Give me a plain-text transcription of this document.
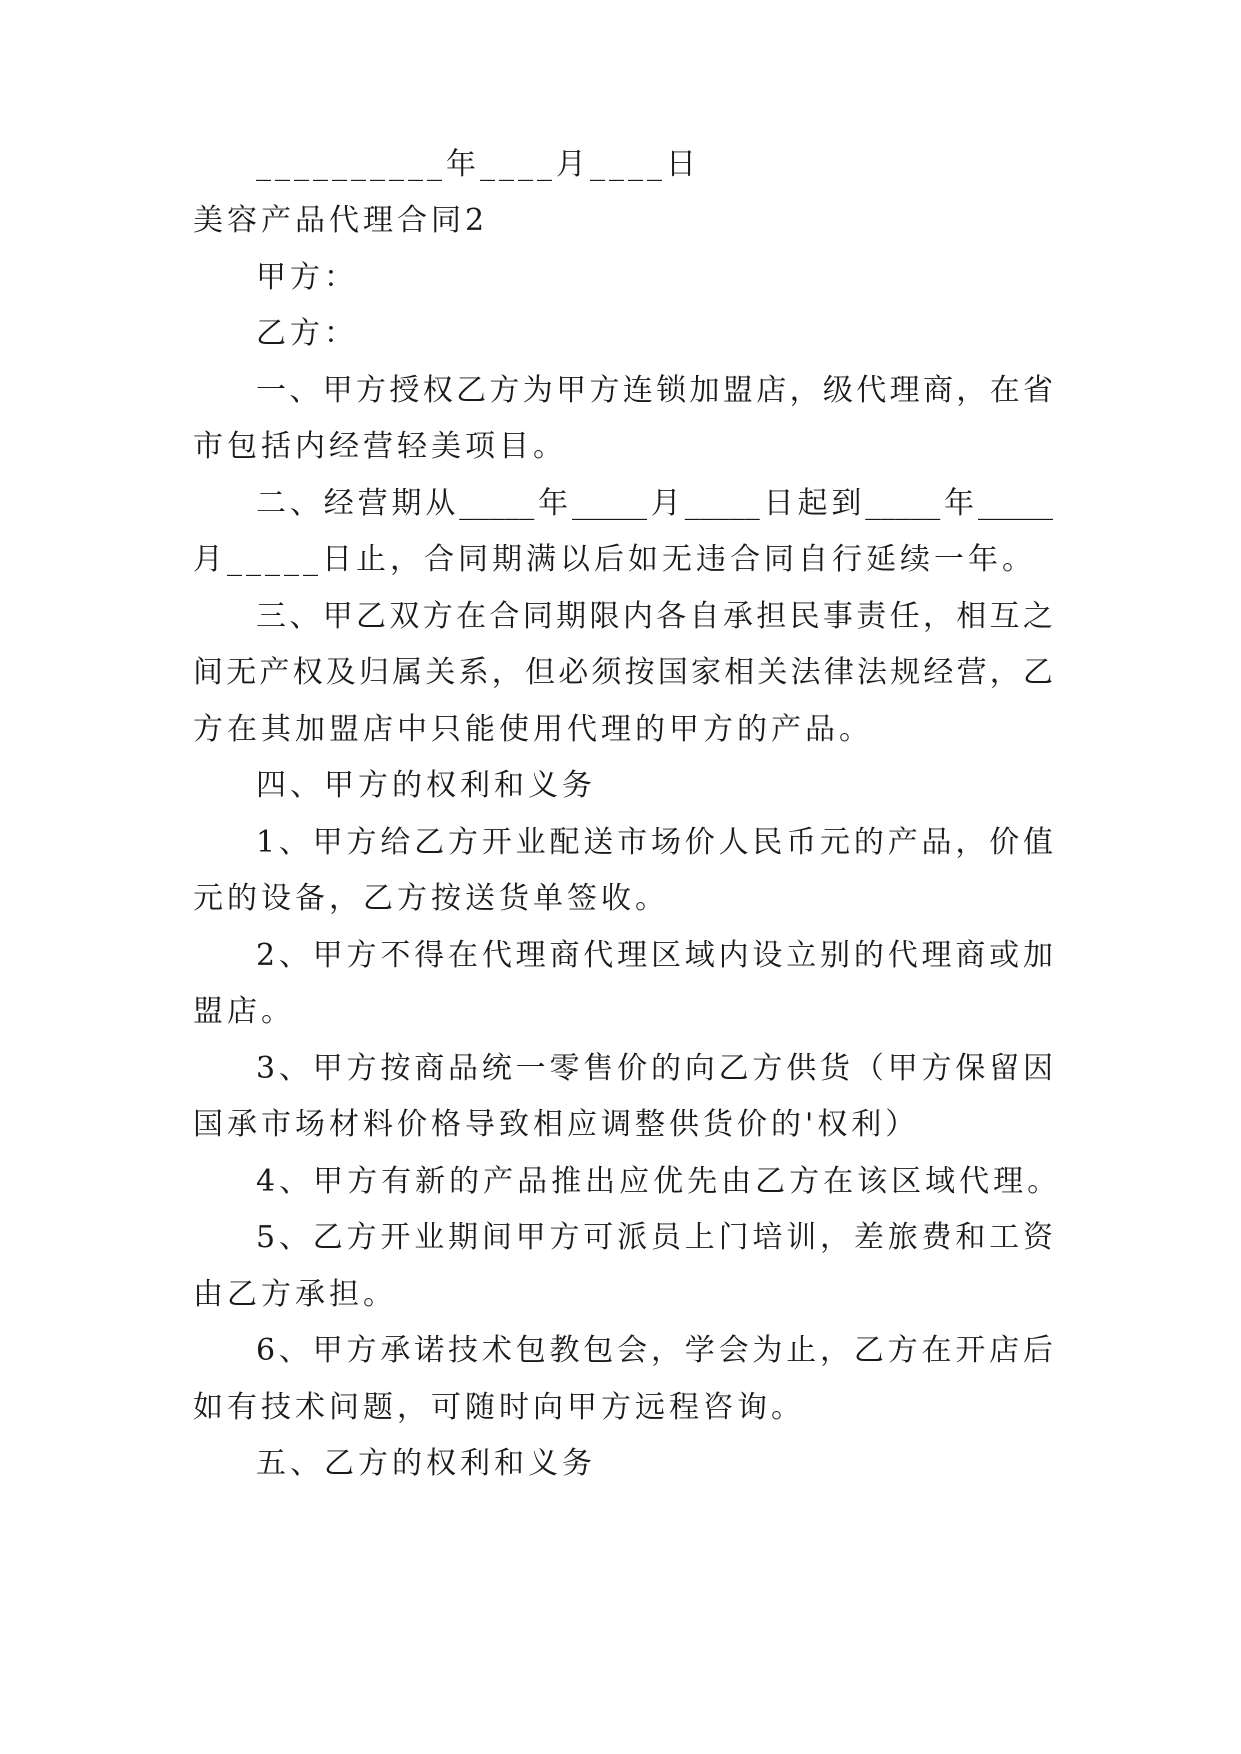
__________年____月____日
美容产品代理合同2
甲方：
乙方：
一、甲方授权乙方为甲方连锁加盟店，级代理商，在省
市包括内经营轻美项目。
二、经营期从_____年_____月_____日起到_____年_____
月_____日止，合同期满以后如无违合同自行延续一年。
三、甲乙双方在合同期限内各自承担民事责任，相互之
间无产权及归属关系，但必须按国家相关法律法规经营，乙
方在其加盟店中只能使用代理的甲方的产品。
四、甲方的权利和义务
1、甲方给乙方开业配送市场价人民币元的产品，价值
元的设备，乙方按送货单签收。
2、甲方不得在代理商代理区域内设立别的代理商或加
盟店。
3、甲方按商品统一零售价的向乙方供货（甲方保留因
国承市场材料价格导致相应调整供货价的'权利）
4、甲方有新的产品推出应优先由乙方在该区域代理。
5、乙方开业期间甲方可派员上门培训，差旅费和工资
由乙方承担。
6、甲方承诺技术包教包会，学会为止，乙方在开店后
如有技术问题，可随时向甲方远程咨询。
五、乙方的权利和义务
